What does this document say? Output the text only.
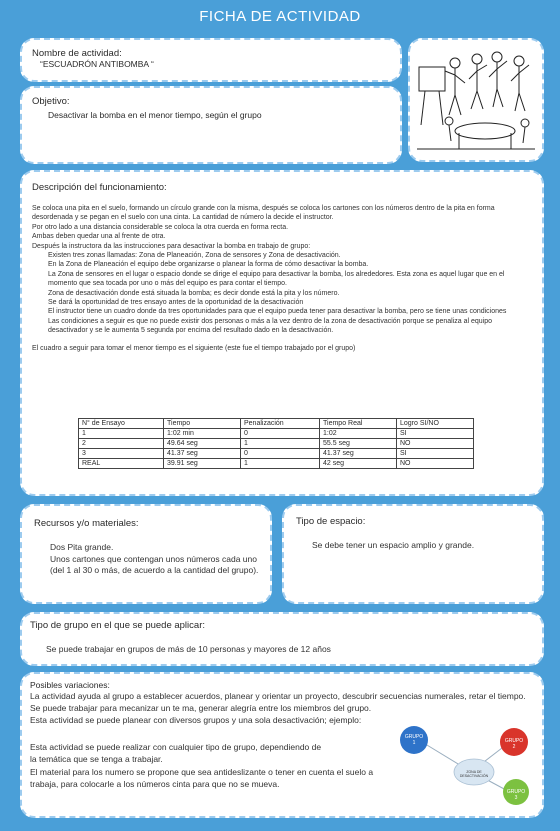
FICHA DE ACTIVIDAD
Nombre de actividad:
“ESCUADRÓN ANTIBOMBA “
Objetivo:
Desactivar la bomba en el menor tiempo, según el grupo
Descripción del funcionamiento:
Se coloca una pita en el suelo, formando un círculo grande con la misma, después se coloca los cartones con los números dentro de la pita en forma desordenada y se pegan en el suelo con una cinta. La cantidad de número la decide el instructor.
Por otro lado a una distancia considerable se coloca la otra cuerda en forma recta.
Ambas deben quedar una al frente de otra.
Después la instructora da las instrucciones para desactivar la bomba en trabajo de grupo:
Existen tres zonas llamadas: Zona de Planeación, Zona de sensores y Zona de desactivación.
En la Zona de Planeación el equipo debe organizarse o planear la forma de cómo desactivar la bomba.
La Zona de sensores en el lugar o espacio donde se dirige el equipo para desactivar la bomba, los alrededores. Esta zona es aquel lugar que en el momento que sea tocada por uno o más del equipo es para contar el tiempo.
Zona de desactivación donde está situada la bomba; es decir donde está la pita y los número.
Se dará la oportunidad de tres ensayo antes de la oportunidad de la desactivación
El instructor tiene un cuadro donde da tres oportunidades para que el equipo pueda tener para desactivar la bomba, pero se tiene unas condiciones
Las condiciones a seguir es que no puede existir dos personas o más a la vez dentro de la zona de desactivación porque se penaliza al equipo desactivador y se le aumenta 5 segunda por encima del resultado dado en la desactivación.
El cuadro a seguir para tomar el menor tiempo es el siguiente (este fue el tiempo trabajado por el grupo)
N° de Ensayo	Tiempo	Penalización	Tiempo Real	Logro SI/NO
1	1:02 min	0	1:02	SI
2	49.64 seg	1	55.5 seg	NO
3	41.37 seg	0	41.37 seg	SI
REAL	39.91 seg	1	42 seg	NO
Recursos y/o materiales:
Dos Pita grande.
Unos cartones que contengan unos números cada uno (del 1 al 30 o más, de acuerdo a la cantidad del grupo).
Tipo de espacio:
Se debe tener un espacio amplio y grande.
Tipo de grupo en el que se puede aplicar:
Se puede trabajar en grupos de más de 10 personas y mayores de 12 años
Posibles variaciones:
La actividad ayuda al grupo a establecer acuerdos, planear y orientar un proyecto, descubrir secuencias numerales, retar el tiempo. Se puede trabajar para mecanizar un te ma, generar alegría entre los miembros del grupo.
Esta actividad se puede planear con diversos grupos y una sola desactivación; ejemplo:
Esta actividad se puede realizar con cualquier tipo de grupo, dependiendo de la temática que se tenga a trabajar.
El material para los numero se propone que sea antideslizante o tener en cuenta el suelo a trabaja, para colocarle a los números cinta para que no se mueva.
GRUPO 1	GRUPO 2
ZONA DE DESACTIVACIÓN
GRUPO 3
